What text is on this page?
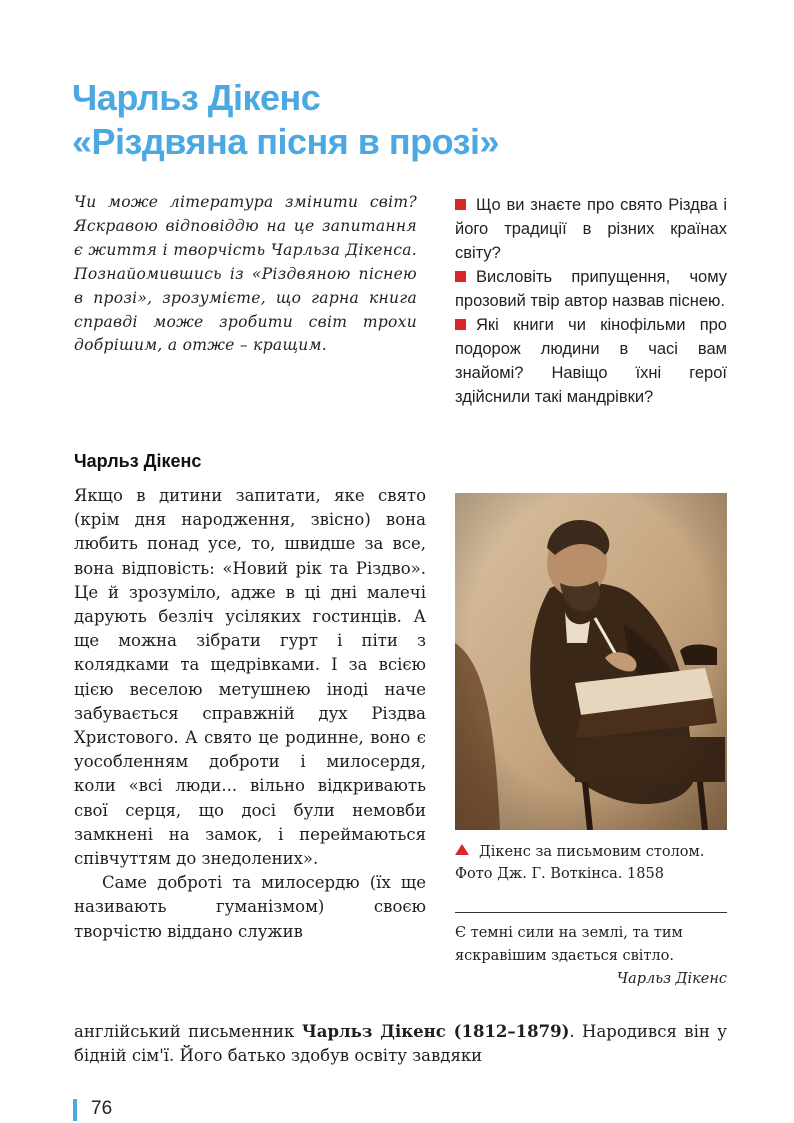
Чарльз Дікенс
«Різдвяна пісня в прозі»
Чи може література змінити світ? Яскравою відповіддю на це запитання є життя і творчість Чарльза Дікенса. Познайомившись із «Різдвяною піснею в прозі», зрозумієте, що гарна книга справді може зробити світ трохи добрішим, а отже – кращим.
Що ви знаєте про свято Різдва і його традиції в різних країнах світу?
Висловіть припущення, чому прозовий твір автор назвав піснею.
Які книги чи кінофільми про подорож людини в часі вам знайомі? Навіщо їхні герої здійснили такі мандрівки?
Чарльз Дікенс

Якщо в дитини запитати, яке свято (крім дня народження, звісно) вона любить понад усе, то, швидше за все, вона відповість: «Новий рік та Різдво». Це й зрозуміло, адже в ці дні малечі дарують безліч усіляких гостинців. А ще можна зібрати гурт і піти з колядками та щедрівками. І за всією цією веселою метушнею іноді наче забувається справжній дух Різдва Христового. А свято це родинне, воно є уособленням доброти і милосердя, коли «всі люди... вільно відкривають свої серця, що досі були немовби замкнені на замок, і переймаються співчуттям до знедолених».

Саме доброті та милосердю (їх ще називають гуманізмом) своєю творчістю віддано служив

англійський письменник Чарльз Дікенс (1812–1879). Народився він у бідній сім'ї. Його батько здобув освіту завдяки
Дікенс за письмовим столом. Фото Дж. Г. Воткінса. 1858
Є темні сили на землі, та тим яскравішим здається світло.
Чарльз Дікенс
76
